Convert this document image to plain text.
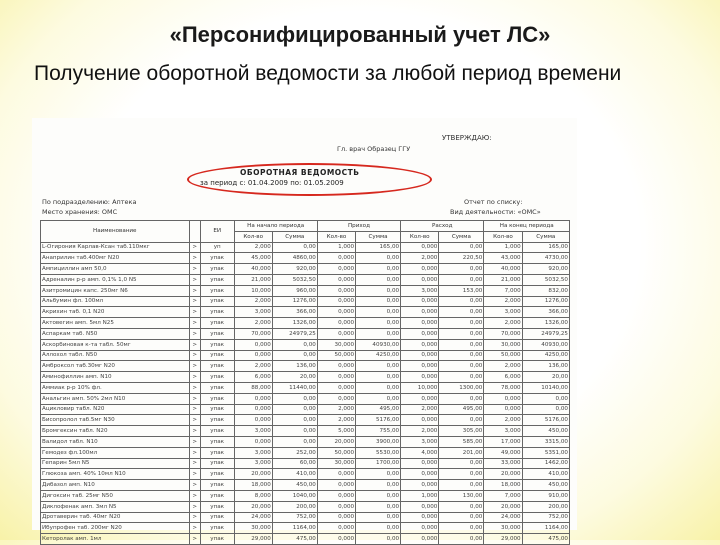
«Персонифицированный учет ЛС»
Получение оборотной ведомости за любой период времени
УТВЕРЖДАЮ:
Гл. врач Образец ГГУ
ОБОРОТНАЯ ВЕДОМОСТЬ
за период с: 01.04.2009 по: 01.05.2009
По подразделению: Аптека
Место хранения: ОМС
Отчет по списку:
Вид деятельности: «ОМС»
Наименование		ЕИ	На начало периода		Приход		Расход		На конец периода	
			Кол-во	Сумма	Кол-во	Сумма	Кол-во	Сумма	Кол-во	Сумма
L-Огирония Карлав-Ксан таб.110мкг	>	уп	2,000	0,00	1,000	165,00	0,000	0,00	1,000	165,00
Анаприлин таб.400мг N20	>	упак	45,000	4860,00	0,000	0,00	2,000	220,50	43,000	4730,00
Ампициллин амп 50,0	>	упак	40,000	920,00	0,000	0,00	0,000	0,00	40,000	920,00
Адреналин р-р амп. 0,1% 1,0 N5	>	упак	21,000	5032,50	0,000	0,00	0,000	0,00	21,000	5032,50
Азитромицин капс. 250мг N6	>	упак	10,000	960,00	0,000	0,00	3,000	153,00	7,000	832,00
Альбумин фл. 100мл	>	упак	2,000	1276,00	0,000	0,00	0,000	0,00	2,000	1276,00
Акрихин таб. 0,1 N20	>	упак	3,000	366,00	0,000	0,00	0,000	0,00	3,000	366,00
Актовегин амп. 5мл N25	>	упак	2,000	1326,00	0,000	0,00	0,000	0,00	2,000	1326,00
Аспаркам таб. N50	>	упак	70,000	24979,25	0,000	0,00	0,000	0,00	70,000	24979,25
Аскорбиновая к-та табл. 50мг	>	упак	0,000	0,00	30,000	40930,00	0,000	0,00	30,000	40930,00
Аллохол табл. N50	>	упак	0,000	0,00	50,000	4250,00	0,000	0,00	50,000	4250,00
Амброксол таб.30мг N20	>	упак	2,000	136,00	0,000	0,00	0,000	0,00	2,000	136,00
Аминофиллин амп. N10	>	упак	6,000	20,00	0,000	0,00	0,000	0,00	6,000	20,00
Аммиак р-р 10% фл.	>	упак	88,000	11440,00	0,000	0,00	10,000	1300,00	78,000	10140,00
Анальгин амп. 50% 2мл N10	>	упак	0,000	0,00	0,000	0,00	0,000	0,00	0,000	0,00
Ацикловир табл. N20	>	упак	0,000	0,00	2,000	495,00	2,000	495,00	0,000	0,00
Бисопролол таб.5мг N30	>	упак	0,000	0,00	2,000	5176,00	0,000	0,00	2,000	5176,00
Бромгексин табл. N20	>	упак	3,000	0,00	5,000	755,00	2,000	305,00	3,000	450,00
Валидол табл. N10	>	упак	0,000	0,00	20,000	3900,00	3,000	585,00	17,000	3315,00
Гемодез фл.100мл	>	упак	3,000	252,00	50,000	5530,00	4,000	201,00	49,000	5351,00
Гепарин 5мл N5	>	упак	3,000	60,00	30,000	1700,00	0,000	0,00	33,000	1462,00
Глюкоза амп. 40% 10мл N10	>	упак	20,000	410,00	0,000	0,00	0,000	0,00	20,000	410,00
Дибазол амп. N10	>	упак	18,000	450,00	0,000	0,00	0,000	0,00	18,000	450,00
Дигоксин таб. 25мг N50	>	упак	8,000	1040,00	0,000	0,00	1,000	130,00	7,000	910,00
Диклофенак амп. 3мл N5	>	упак	20,000	200,00	0,000	0,00	0,000	0,00	20,000	200,00
Дротаверин таб. 40мг N20	>	упак	24,000	752,00	0,000	0,00	0,000	0,00	24,000	752,00
Ибупрофен таб. 200мг N20	>	упак	30,000	1164,00	0,000	0,00	0,000	0,00	30,000	1164,00
Кеторолак амп. 1мл	>	упак	29,000	475,00	0,000	0,00	0,000	0,00	29,000	475,00
